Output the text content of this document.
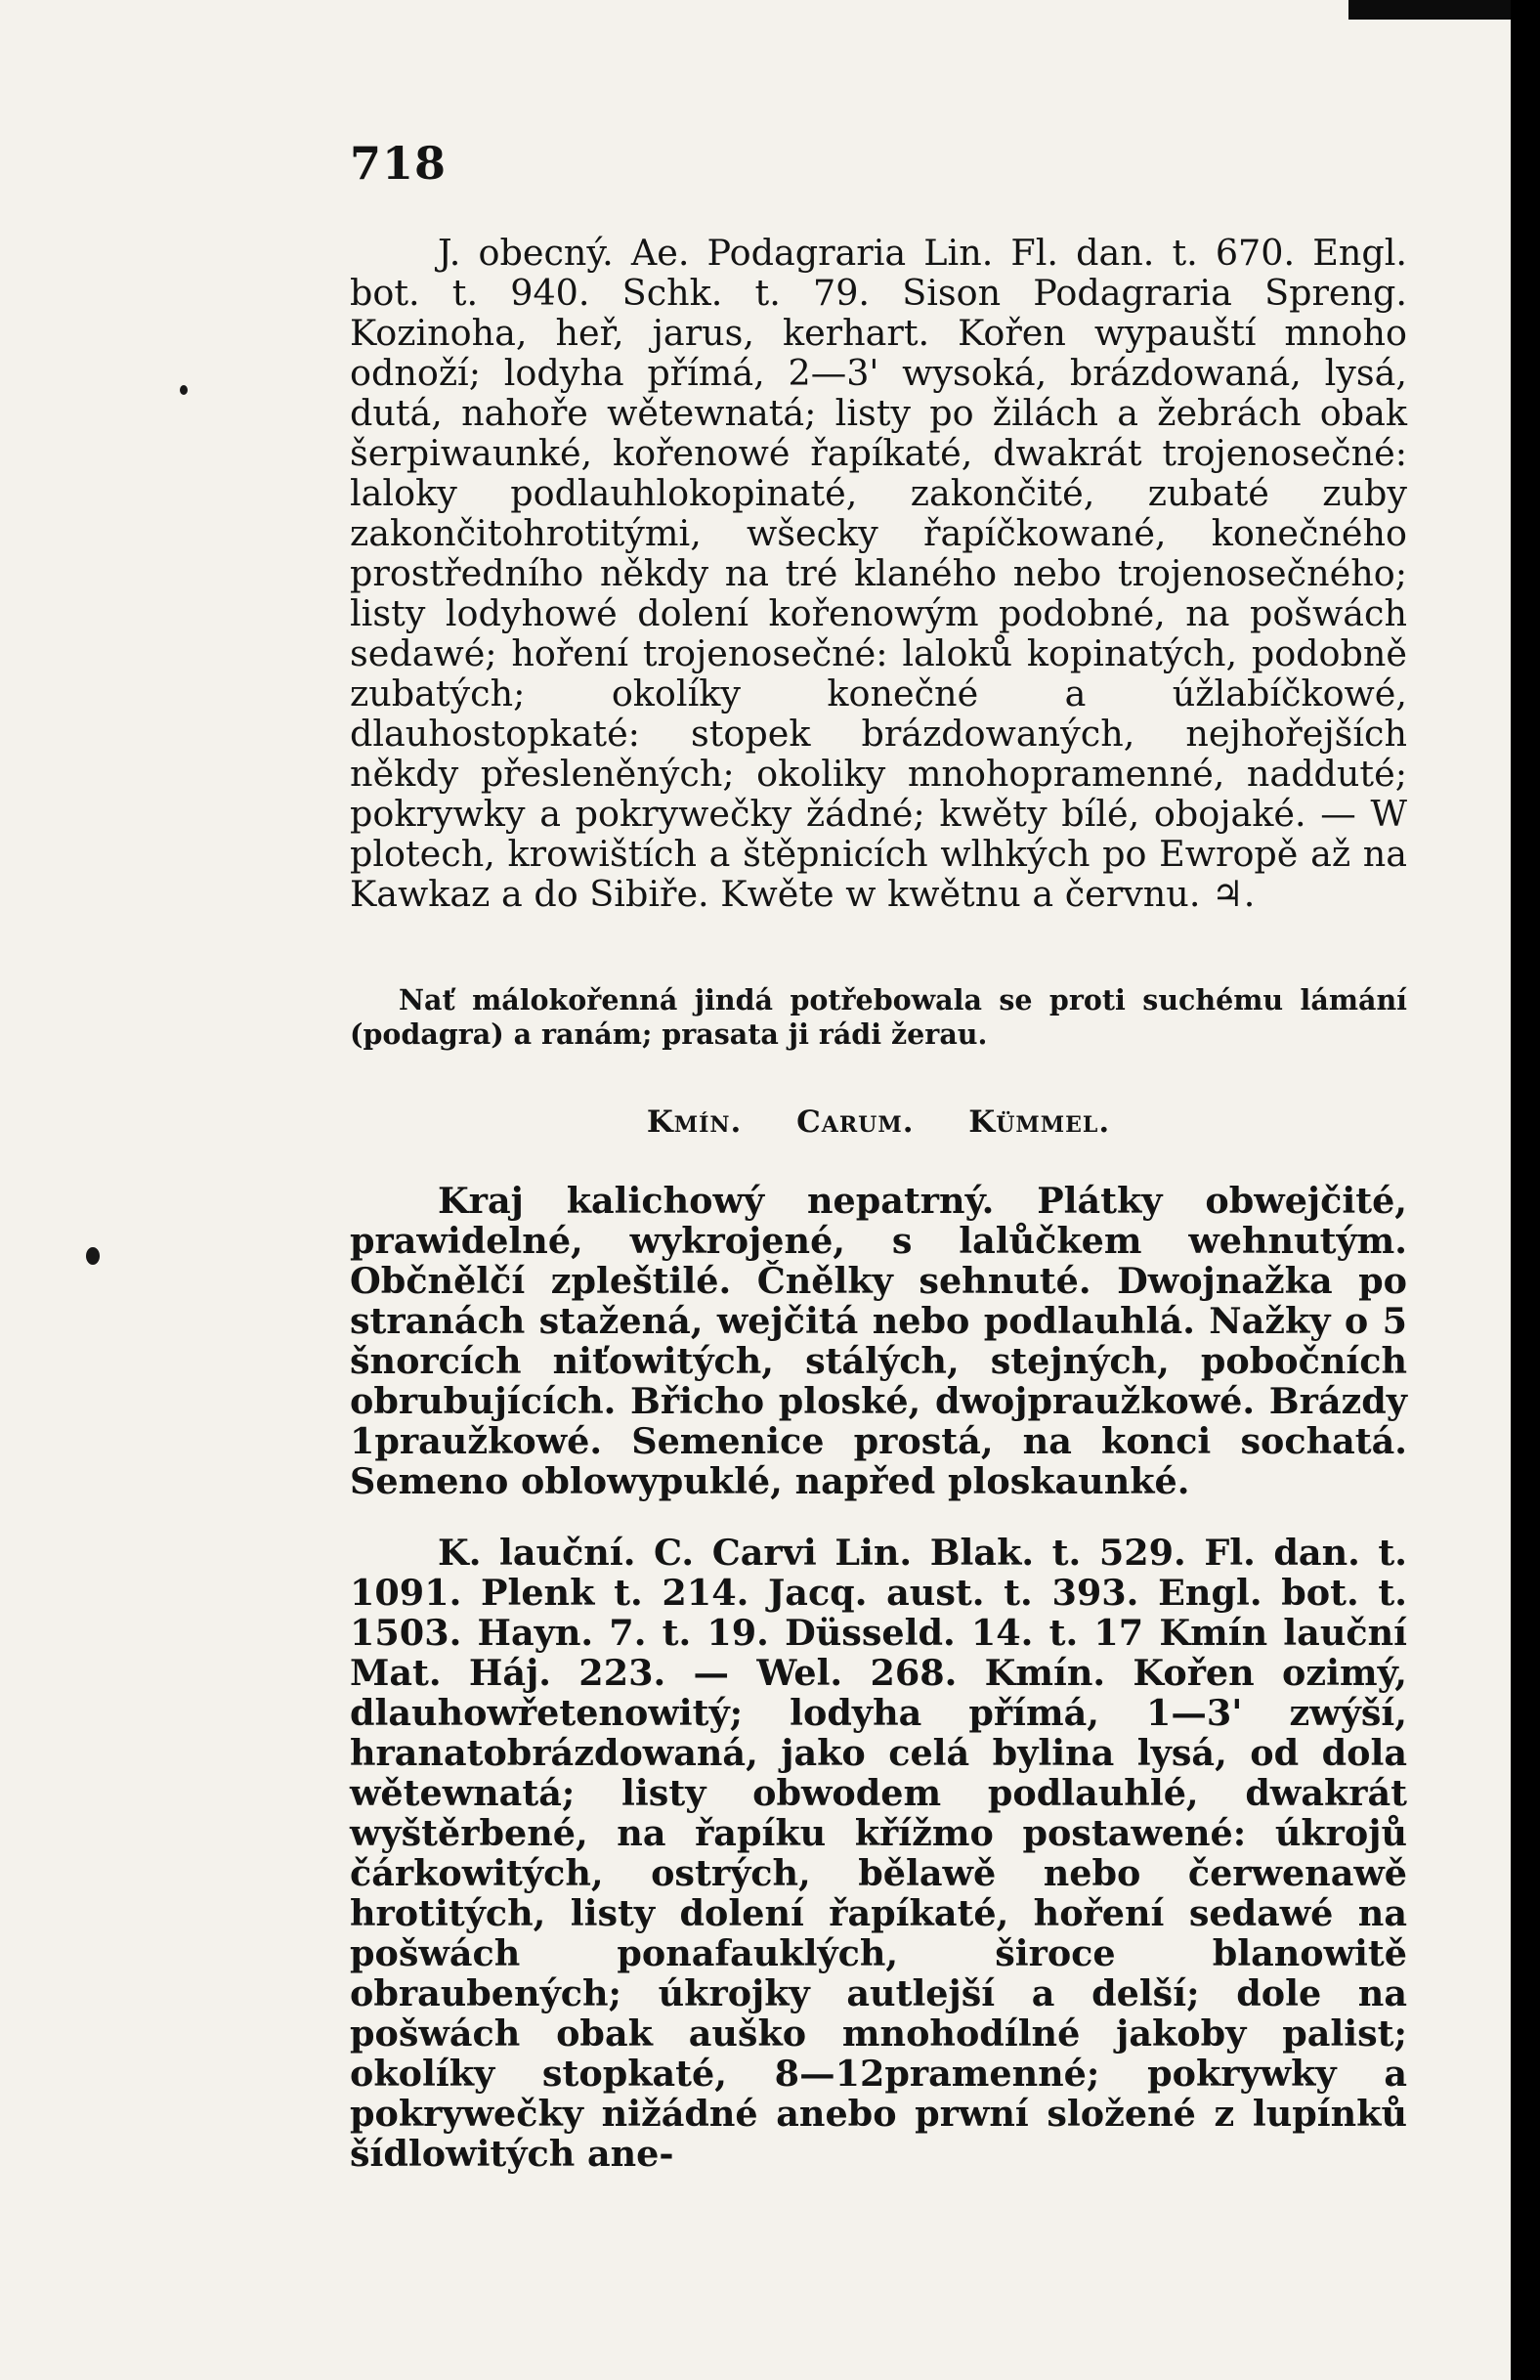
718

J. obecný. Ae. Podagraria Lin. Fl. dan. t. 670. Engl. bot. t. 940. Schk. t. 79. Sison Podagraria Spreng. Kozinoha, heř, jarus, kerhart. Kořen wypauští mnoho odnoží; lodyha přímá, 2—3' wysoká, brázdowaná, lysá, dutá, nahoře wětewnatá; listy po žilách a žebrách obak šerpiwaunké, kořenowé řapíkaté, dwakrát trojenosečné: laloky podlauhlokopinaté, zakončité, zubaté zuby zakončitohrotitými, wšecky řapíčkowané, konečného prostředního někdy na tré klaného nebo trojenosečného; listy lodyhowé dolení kořenowým podobné, na pošwách sedawé; hoření trojenosečné: laloků kopinatých, podobně zubatých; okolíky konečné a úžlabíčkowé, dlauhostopkaté: stopek brázdowaných, nejhořejších někdy přesleněných; okoliky mnohopramenné, nadduté; pokrywky a pokrywečky žádné; kwěty bílé, obojaké. — W plotech, krowištích a štěpnicích wlhkých po Ewropě až na Kawkaz a do Sibiře. Kwěte w kwětnu a červnu. ♃.

Nať málokořenná jindá potřebowala se proti suchému lámání (podagra) a ranám; prasata ji rádi žerau.

Kmín. Carum. Kümmel.

Kraj kalichowý nepatrný. Plátky obwejčité, prawidelné, wykrojené, s lalůčkem wehnutým. Občnělčí zpleštilé. Čnělky sehnuté. Dwojnažka po stranách stažená, wejčitá nebo podlauhlá. Nažky o 5 šnorcích niťowitých, stálých, stejných, pobočních obrubujících. Břicho ploské, dwojpraužkowé. Brázdy 1praužkowé. Semenice prostá, na konci sochatá. Semeno oblowypuklé, napřed ploskaunké.

K. lauční. C. Carvi Lin. Blak. t. 529. Fl. dan. t. 1091. Plenk t. 214. Jacq. aust. t. 393. Engl. bot. t. 1503. Hayn. 7. t. 19. Düsseld. 14. t. 17 Kmín lauční Mat. Háj. 223. — Wel. 268. Kmín. Kořen ozimý, dlauhowřetenowitý; lodyha přímá, 1—3' zwýší, hranatobrázdowaná, jako celá bylina lysá, od dola wětewnatá; listy obwodem podlauhlé, dwakrát wyštěrbené, na řapíku křížmo postawené: úkrojů čárkowitých, ostrých, bělawě nebo čerwenawě hrotitých, listy dolení řapíkaté, hoření sedawé na pošwách ponafauklých, široce blanowitě obraubených; úkrojky autlejší a delší; dole na pošwách obak auško mnohodílné jakoby palist; okolíky stopkaté, 8—12pramenné; pokrywky a pokrywečky nižádné anebo prwní složené z lupínků šídlowitých ane-
